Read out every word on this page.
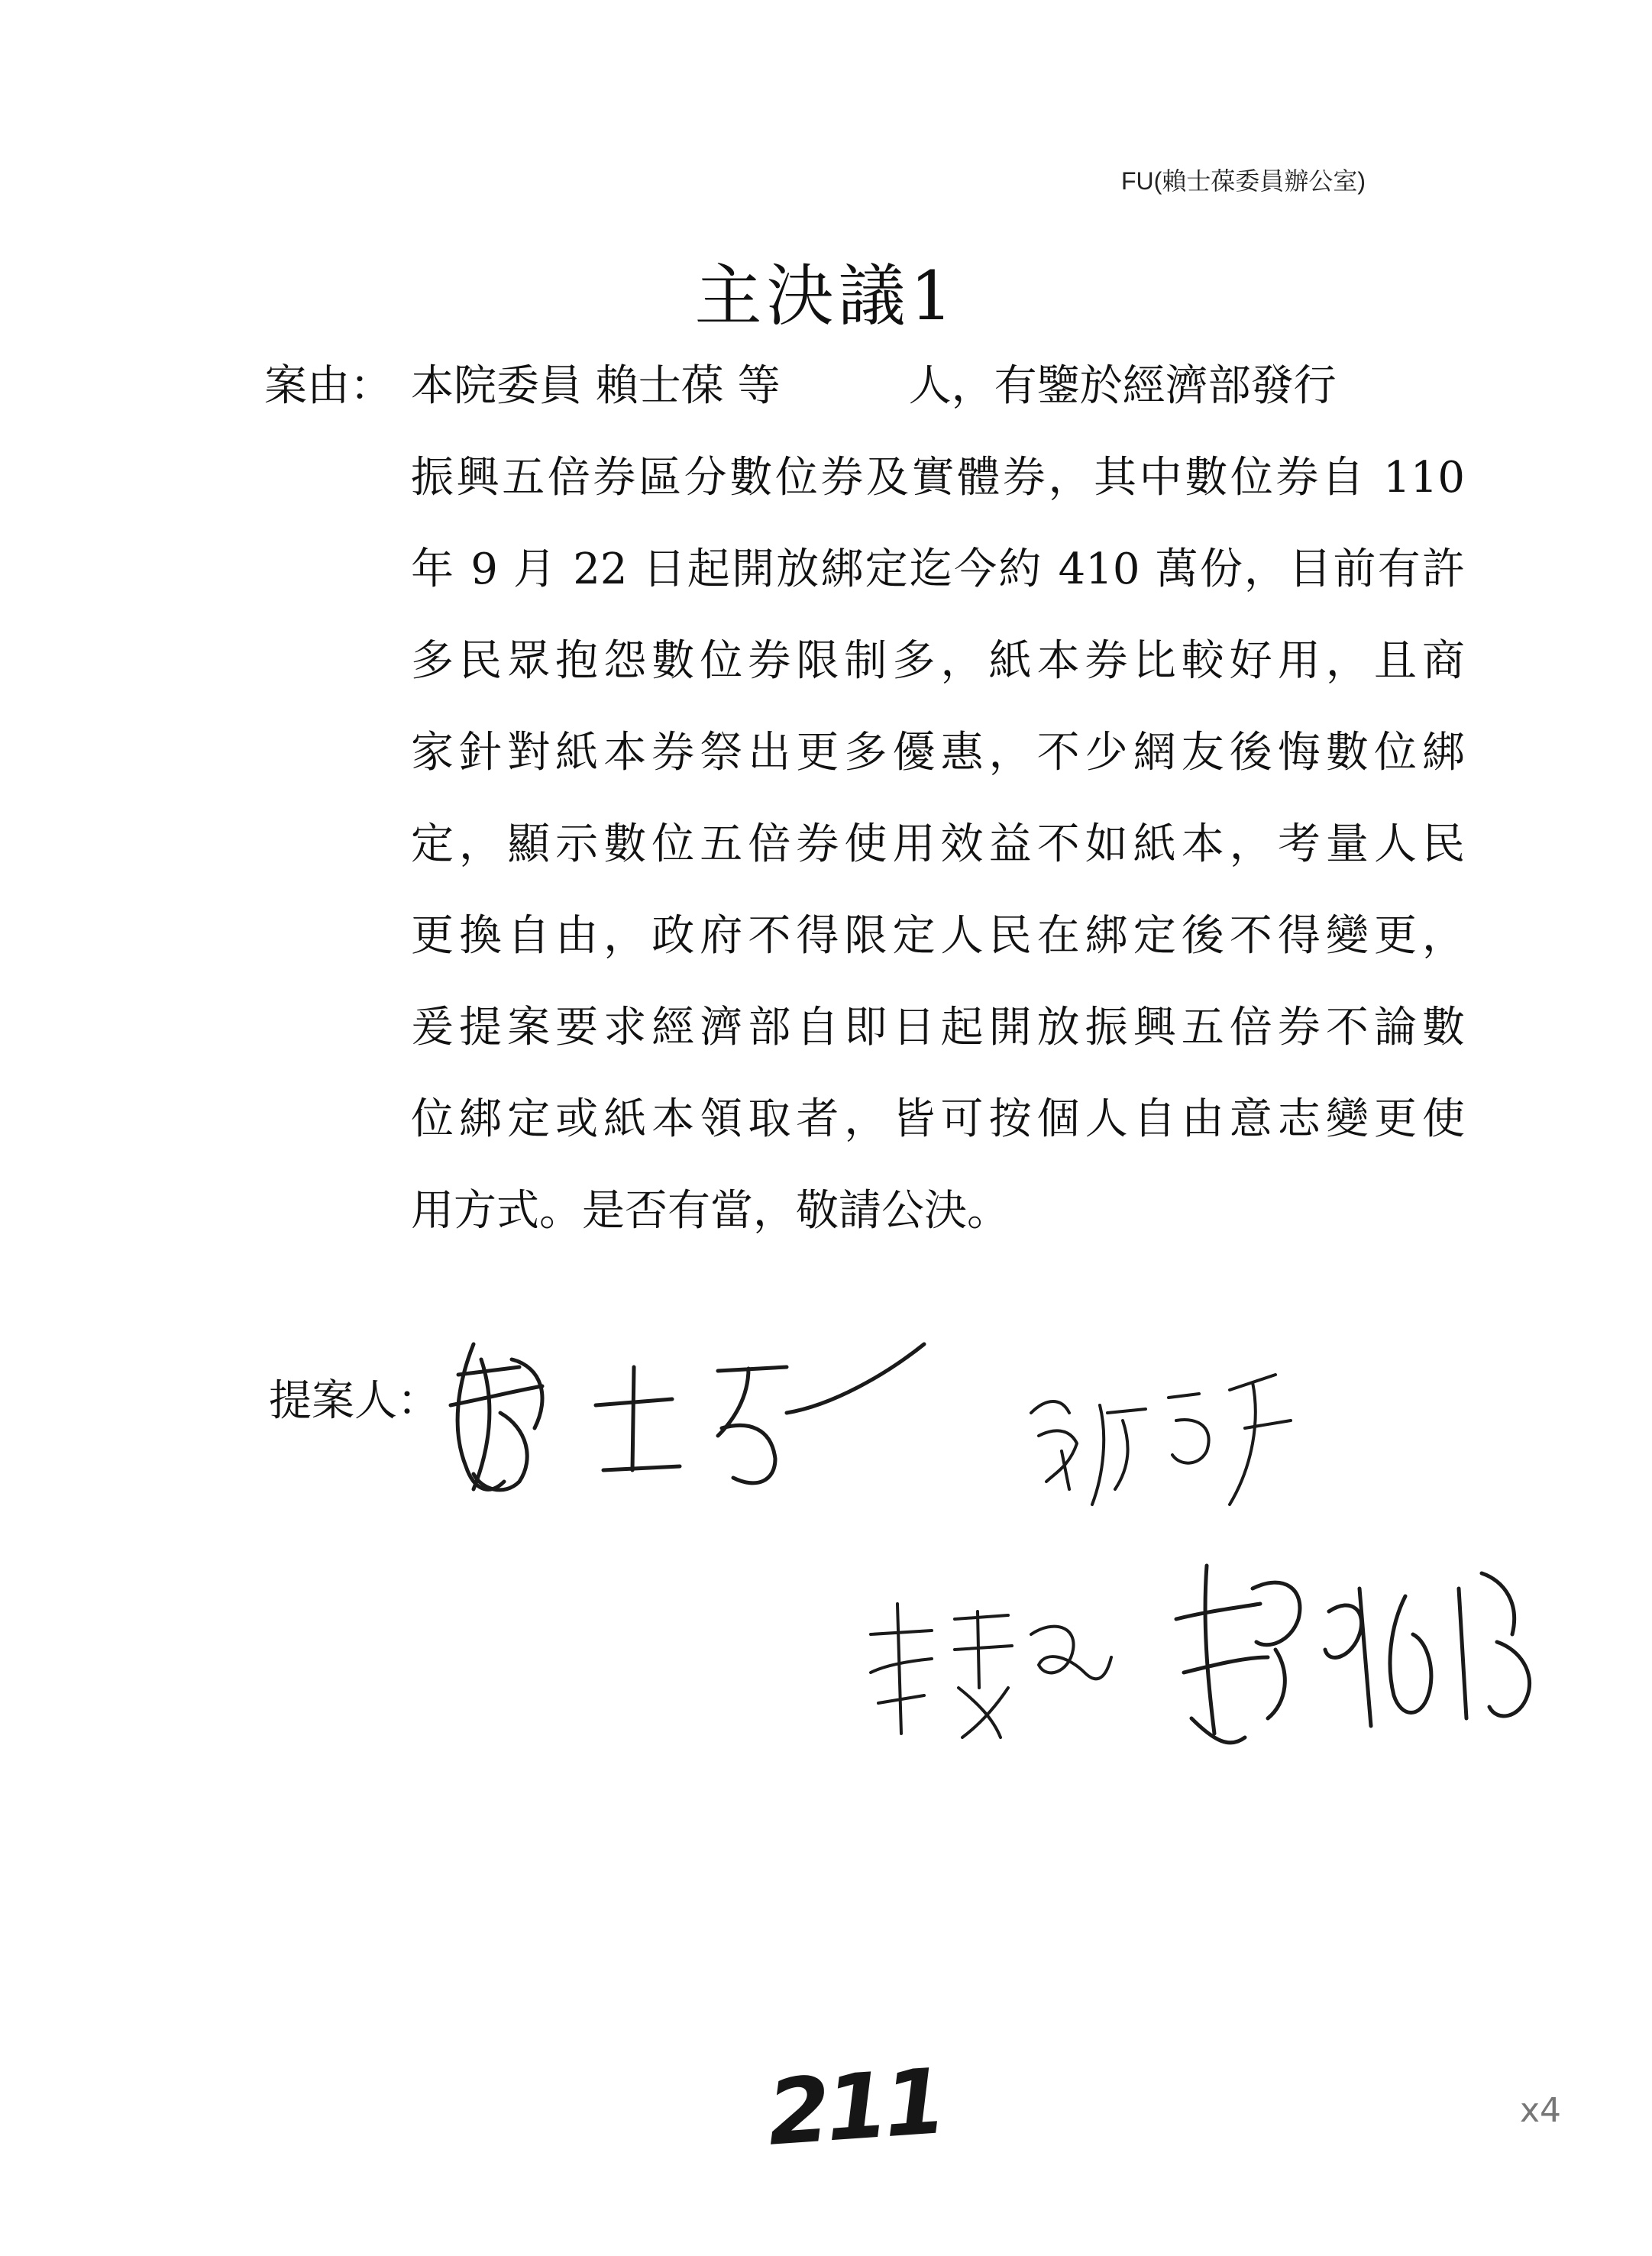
FU(賴士葆委員辦公室)
主決議1
案由： 本院委員 賴士葆 等　　　人，有鑒於經濟部發行
振興五倍券區分數位券及實體券，其中數位券自 110
年 9 月 22 日起開放綁定迄今約 410 萬份，目前有許
多民眾抱怨數位券限制多，紙本券比較好用，且商
家針對紙本券祭出更多優惠，不少網友後悔數位綁
定，顯示數位五倍券使用效益不如紙本，考量人民
更換自由，政府不得限定人民在綁定後不得變更，
爰提案要求經濟部自即日起開放振興五倍券不論數
位綁定或紙本領取者，皆可按個人自由意志變更使
用方式。是否有當，敬請公決。
提案人：
211	x4
